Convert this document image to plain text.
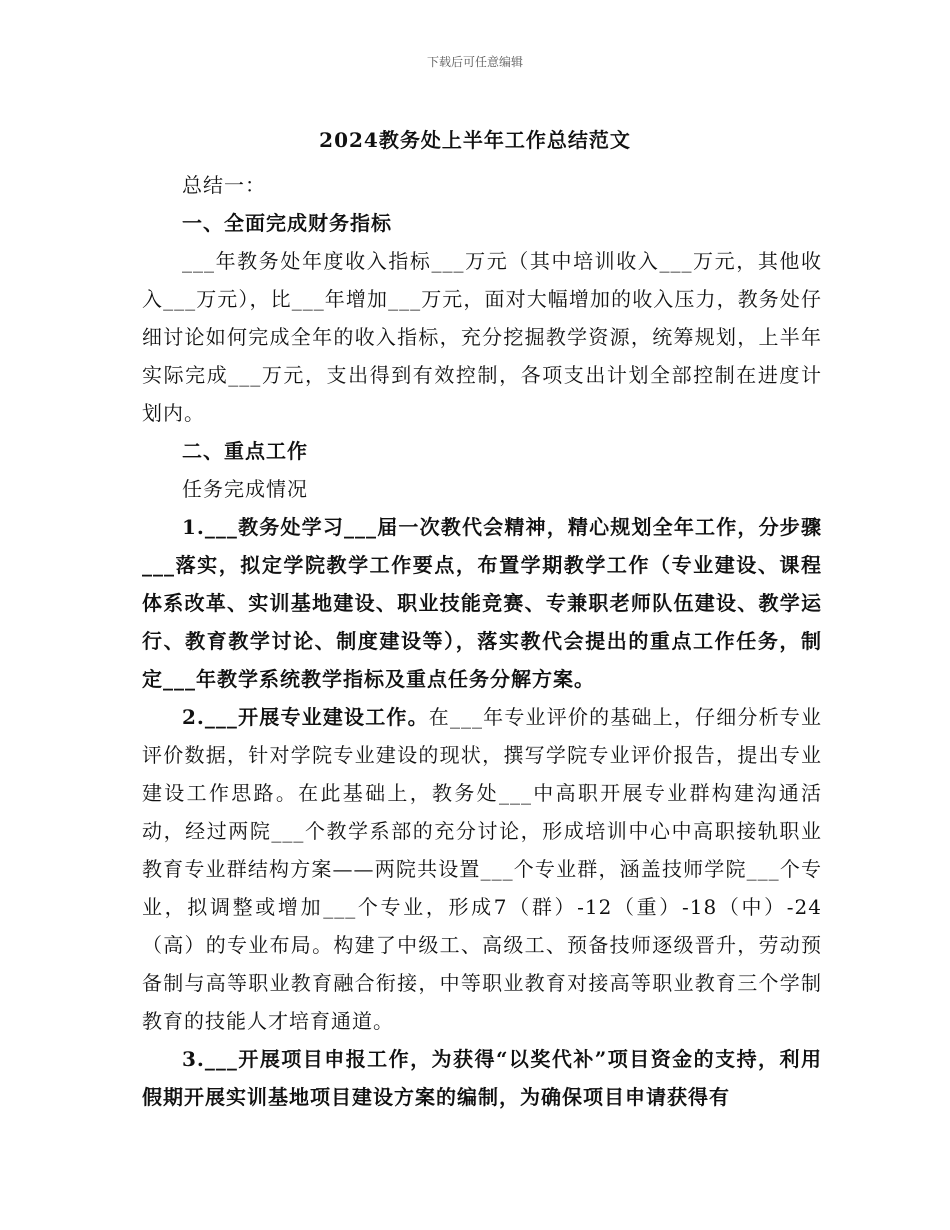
下载后可任意编辑
2024教务处上半年工作总结范文

总结一：

一、全面完成财务指标

___年教务处年度收入指标___万元（其中培训收入___万元，其他收入___万元），比___年增加___万元，面对大幅增加的收入压力，教务处仔细讨论如何完成全年的收入指标，充分挖掘教学资源，统筹规划，上半年实际完成___万元，支出得到有效控制，各项支出计划全部控制在进度计划内。

二、重点工作

任务完成情况

1.___教务处学习___届一次教代会精神，精心规划全年工作，分步骤___落实，拟定学院教学工作要点，布置学期教学工作（专业建设、课程体系改革、实训基地建设、职业技能竞赛、专兼职老师队伍建设、教学运行、教育教学讨论、制度建设等），落实教代会提出的重点工作任务，制定___年教学系统教学指标及重点任务分解方案。

2.___开展专业建设工作。在___年专业评价的基础上，仔细分析专业评价数据，针对学院专业建设的现状，撰写学院专业评价报告，提出专业建设工作思路。在此基础上，教务处___中高职开展专业群构建沟通活动，经过两院___个教学系部的充分讨论，形成培训中心中高职接轨职业教育专业群结构方案——两院共设置___个专业群，涵盖技师学院___个专业，拟调整或增加___个专业，形成7（群）-12（重）-18（中）-24（高）的专业布局。构建了中级工、高级工、预备技师逐级晋升，劳动预备制与高等职业教育融合衔接，中等职业教育对接高等职业教育三个学制教育的技能人才培育通道。

3.___开展项目申报工作，为获得“以奖代补”项目资金的支持，利用假期开展实训基地项目建设方案的编制，为确保项目申请获得有
